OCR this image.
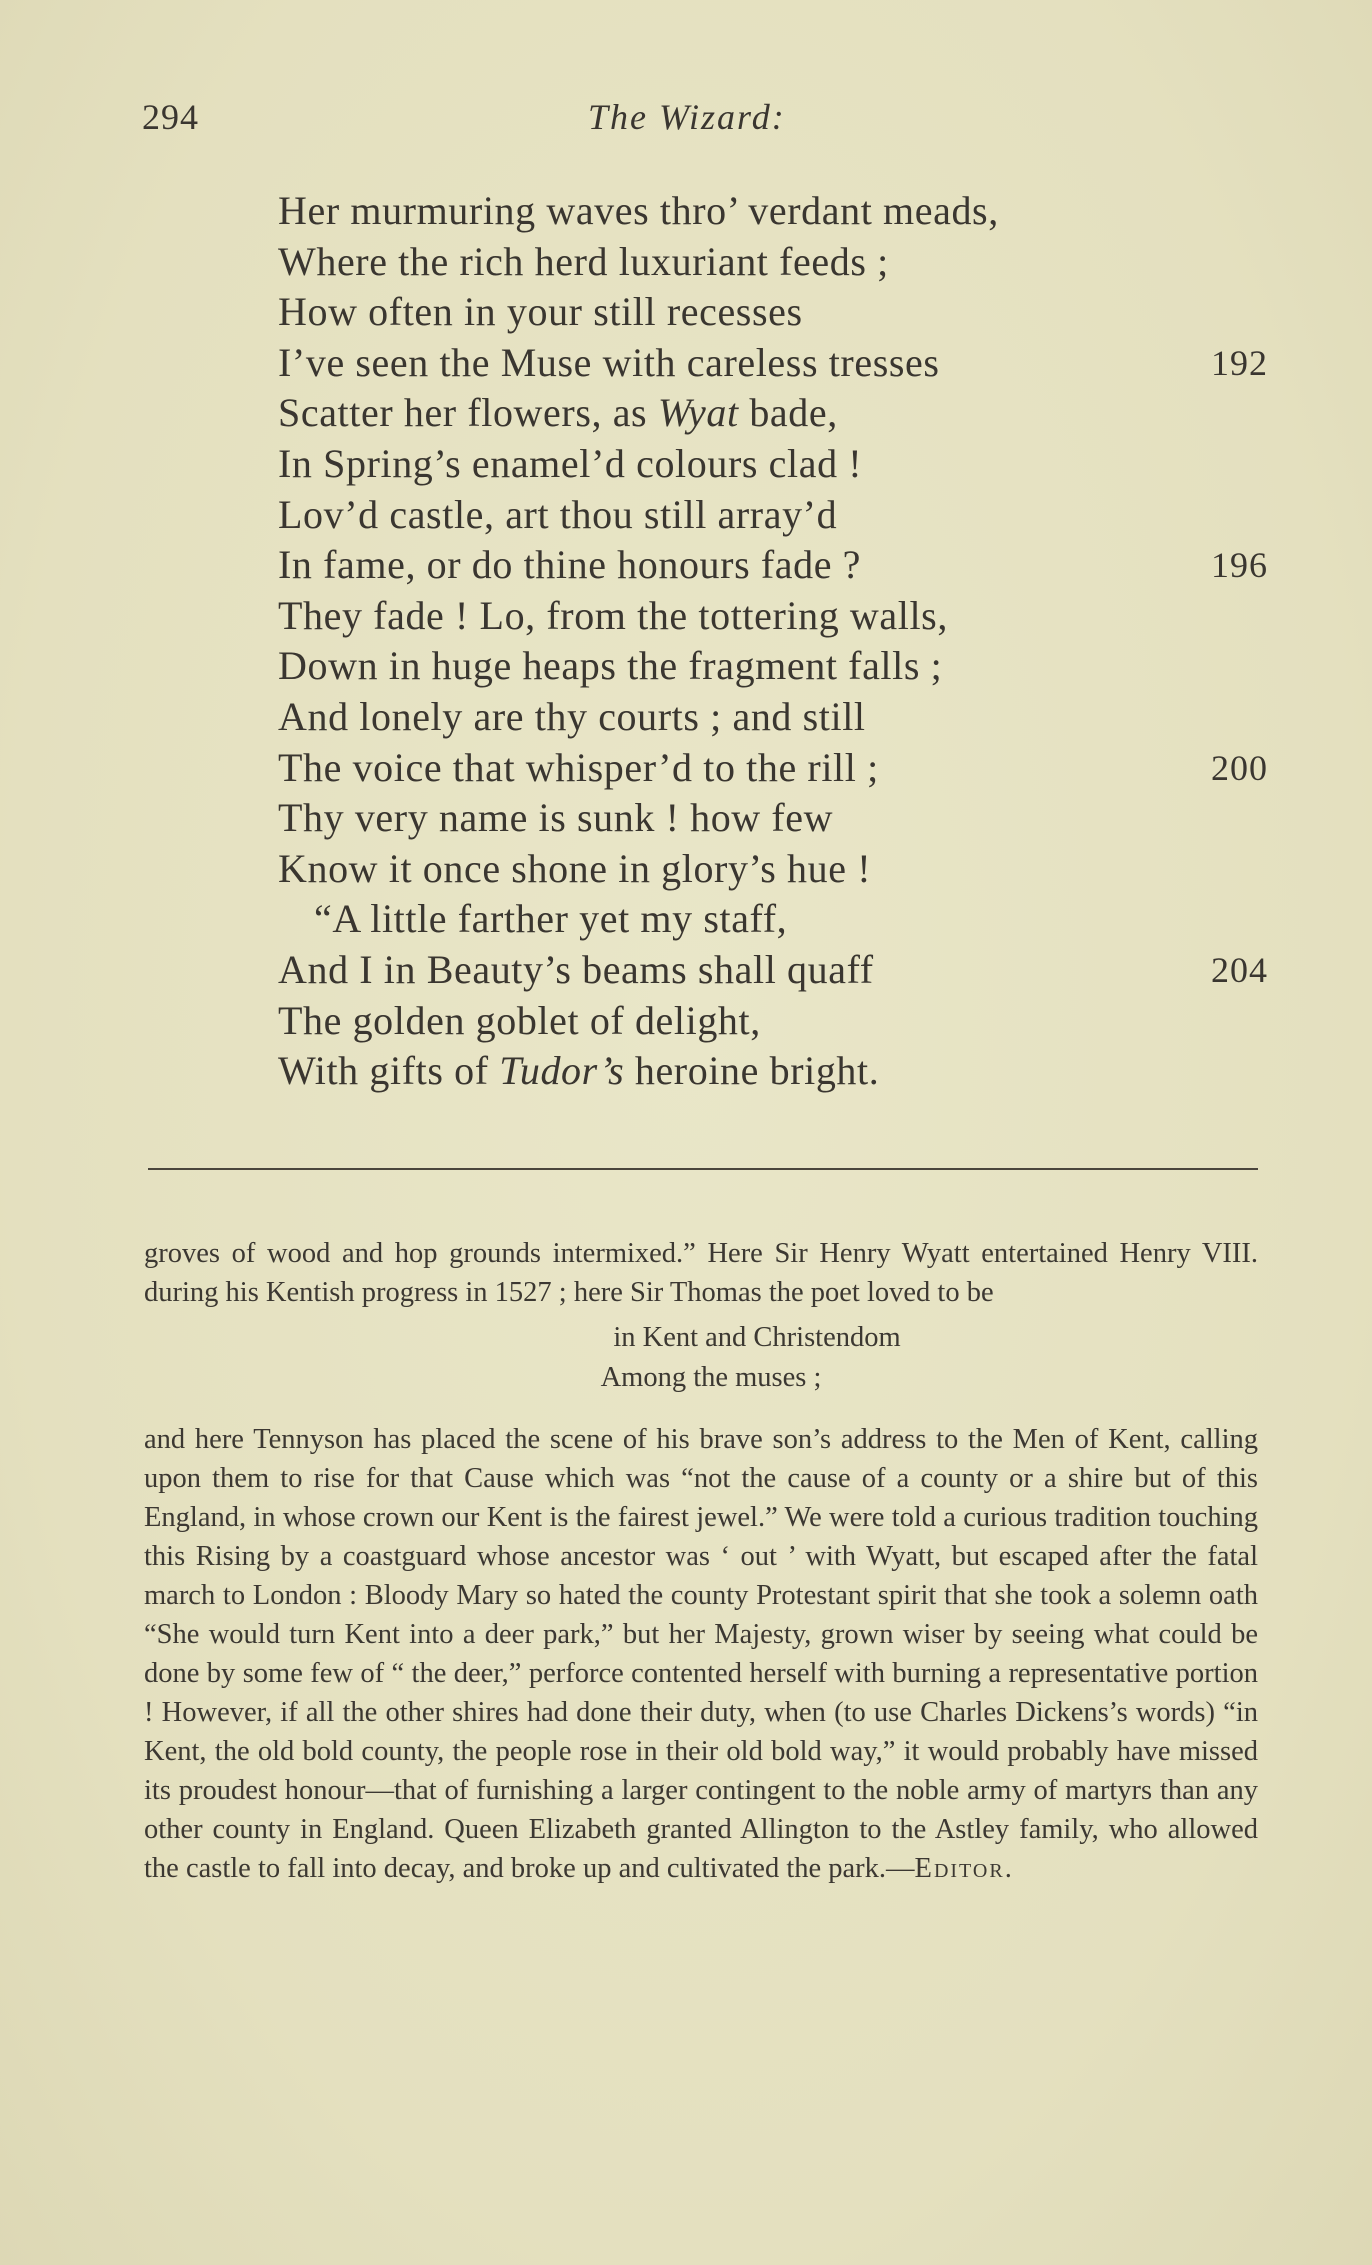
294	The Wizard:
Her murmuring waves thro’ verdant meads,
Where the rich herd luxuriant feeds ;
How often in your still recesses
I’ve seen the Muse with careless tresses	192
Scatter her flowers, as Wyat bade,
In Spring’s enamel’d colours clad !
Lov’d castle, art thou still array’d
In fame, or do thine honours fade ?	196
They fade ! Lo, from the tottering walls,
Down in huge heaps the fragment falls ;
And lonely are thy courts ; and still
The voice that whisper’d to the rill ;	200
Thy very name is sunk ! how few
Know it once shone in glory’s hue !
“A little farther yet my staff,
And I in Beauty’s beams shall quaff	204
The golden goblet of delight,
With gifts of Tudor’s heroine bright.

groves of wood and hop grounds intermixed.” Here Sir Henry Wyatt entertained Henry VIII. during his Kentish progress in 1527 ; here Sir Thomas the poet loved to be

in Kent and Christendom
Among the muses ;

and here Tennyson has placed the scene of his brave son’s address to the Men of Kent, calling upon them to rise for that Cause which was “not the cause of a county or a shire but of this England, in whose crown our Kent is the fairest jewel.” We were told a curious tradition touching this Rising by a coastguard whose ancestor was ‘ out ’ with Wyatt, but escaped after the fatal march to London : Bloody Mary so hated the county Protestant spirit that she took a solemn oath “She would turn Kent into a deer park,” but her Majesty, grown wiser by seeing what could be done by some few of “ the deer,” perforce contented herself with burning a representative portion ! However, if all the other shires had done their duty, when (to use Charles Dickens’s words) “in Kent, the old bold county, the people rose in their old bold way,” it would probably have missed its proudest honour—that of furnishing a larger contingent to the noble army of martyrs than any other county in England. Queen Elizabeth granted Allington to the Astley family, who allowed the castle to fall into decay, and broke up and cultivated the park.—Editor.
